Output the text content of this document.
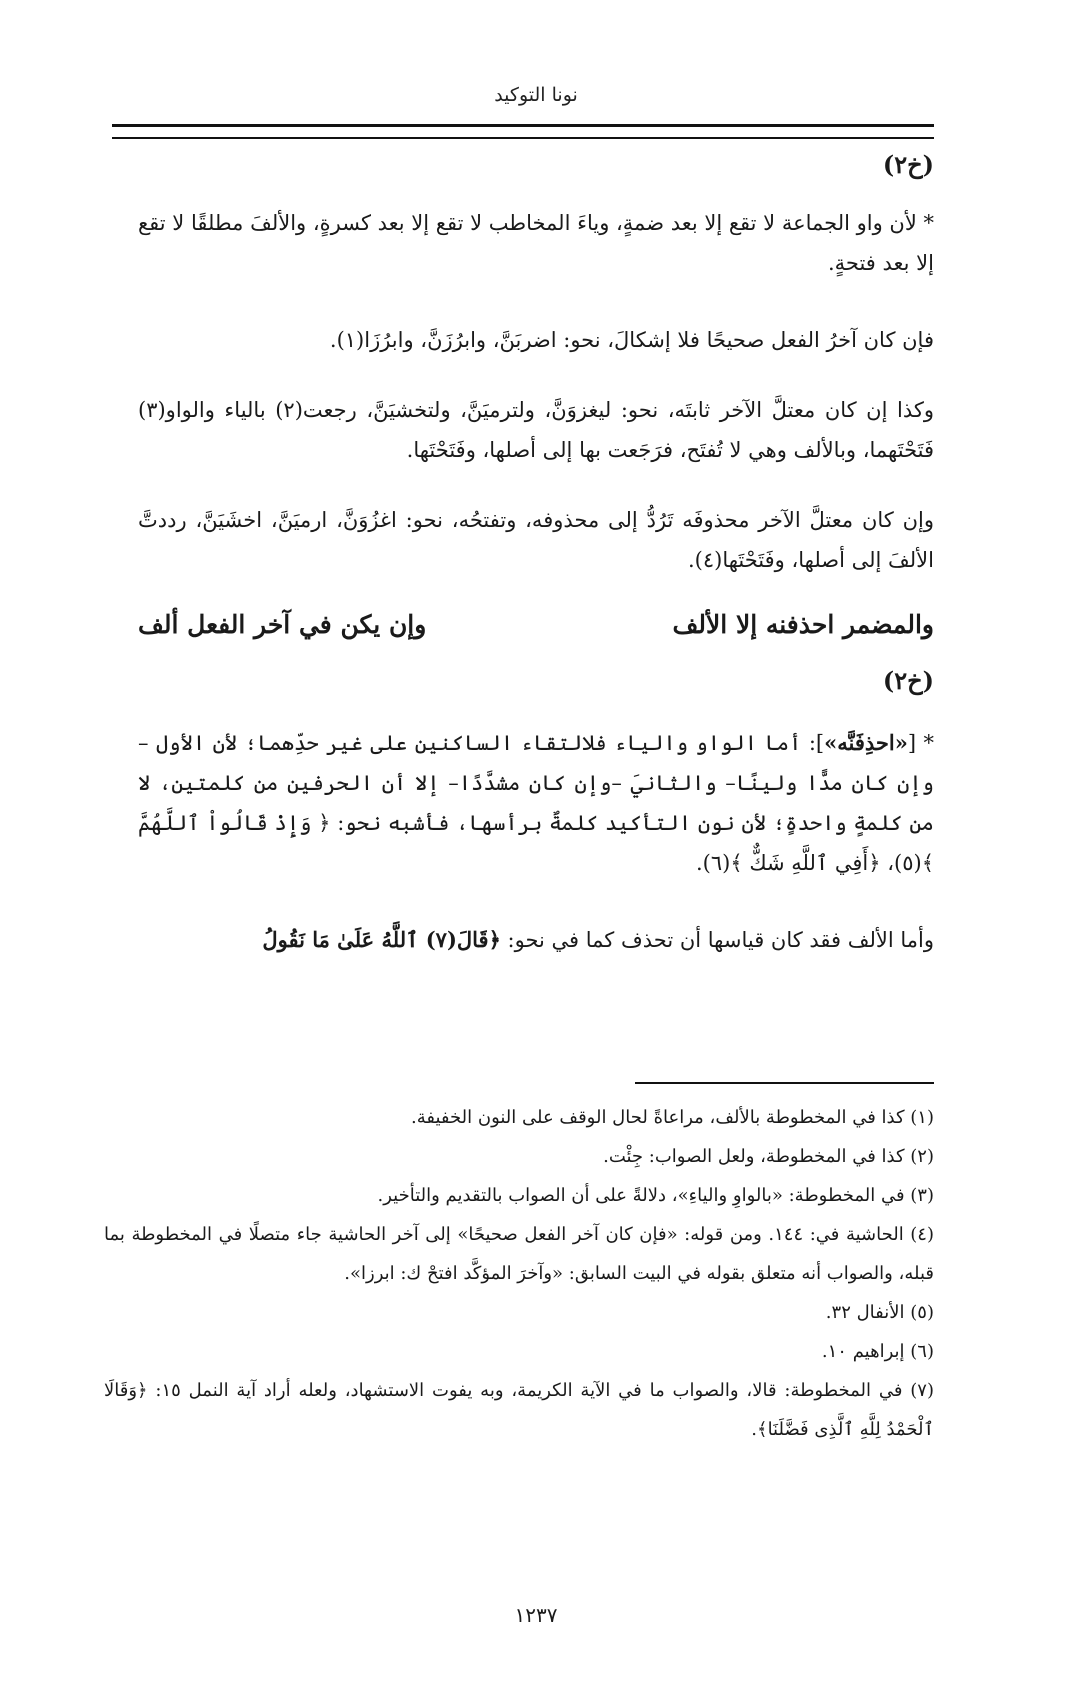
نونا التوكيد
(خ٢)

* لأن واو الجماعة لا تقع إلا بعد ضمةٍ، وياءَ المخاطب لا تقع إلا بعد كسرةٍ، والألفَ مطلقًا لا تقع إلا بعد فتحةٍ.

فإن كان آخرُ الفعل صحيحًا فلا إشكالَ، نحو: اضربَنَّ، وابرُزَنَّ، وابرُزَا(١).

وكذا إن كان معتلَّ الآخر ثابتَه، نحو: ليغزوَنَّ، ولترميَنَّ، ولتخشيَنَّ، رجعت(٢) بالياء والواو(٣) فَتَحْتَهما، وبالألف وهي لا تُفتَح، فرَجَعت بها إلى أصلها، وفَتَحْتَها.

وإن كان معتلَّ الآخر محذوفَه تَرُدُّ إلى محذوفه، وتفتحُه، نحو: اغزُوَنَّ، ارميَنَّ، اخشَيَنَّ، رددتَّ الألفَ إلى أصلها، وفَتَحْتَها(٤).

والمضمر احذفنه إلا الألف
وإن يكن في آخر الفعل ألف
(خ٢)

* [«احذِفَنَّه»]: أما الواو والياء فلالتقاء الساكنين على غير حدِّهما؛ لأن الأول –وإن كان مدًّا ولينًا– والثانيَ –وإن كان مشدَّدًا– إلا أن الحرفين من كلمتين، لا من كلمةٍ واحدةٍ؛ لأن نون التأكيد كلمةٌ برأسها، فأشبه نحو: ﴿ وَإِذْ قَالُواْ ٱللَّهُمَّ ﴾(٥)، ﴿أَفِي ٱللَّهِ شَكٌّ ﴾(٦).

وأما الألف فقد كان قياسها أن تحذف كما في نحو: ﴿قَالَ(٧) ٱللَّهُ عَلَىٰ مَا نَقُولُ

(١) كذا في المخطوطة بالألف، مراعاةً لحال الوقف على النون الخفيفة.

(٢) كذا في المخطوطة، ولعل الصواب: جِئْت.

(٣) في المخطوطة: «بالواوِ والياءِ»، دلالةً على أن الصواب بالتقديم والتأخير.

(٤) الحاشية في: ١٤٤. ومن قوله: «فإن كان آخر الفعل صحيحًا» إلى آخر الحاشية جاء متصلًا في المخطوطة بما قبله، والصواب أنه متعلق بقوله في البيت السابق: «وآخرَ المؤكَّد افتحْ ك: ابرزا».

(٥) الأنفال ٣٢.

(٦) إبراهيم ١٠.

(٧) في المخطوطة: قالا، والصواب ما في الآية الكريمة، وبه يفوت الاستشهاد، ولعله أراد آية النمل ١٥: ﴿وَقَالَا ٱلْحَمْدُ لِلَّهِ ٱلَّذِى فَضَّلَنَا﴾.

١٢٣٧
